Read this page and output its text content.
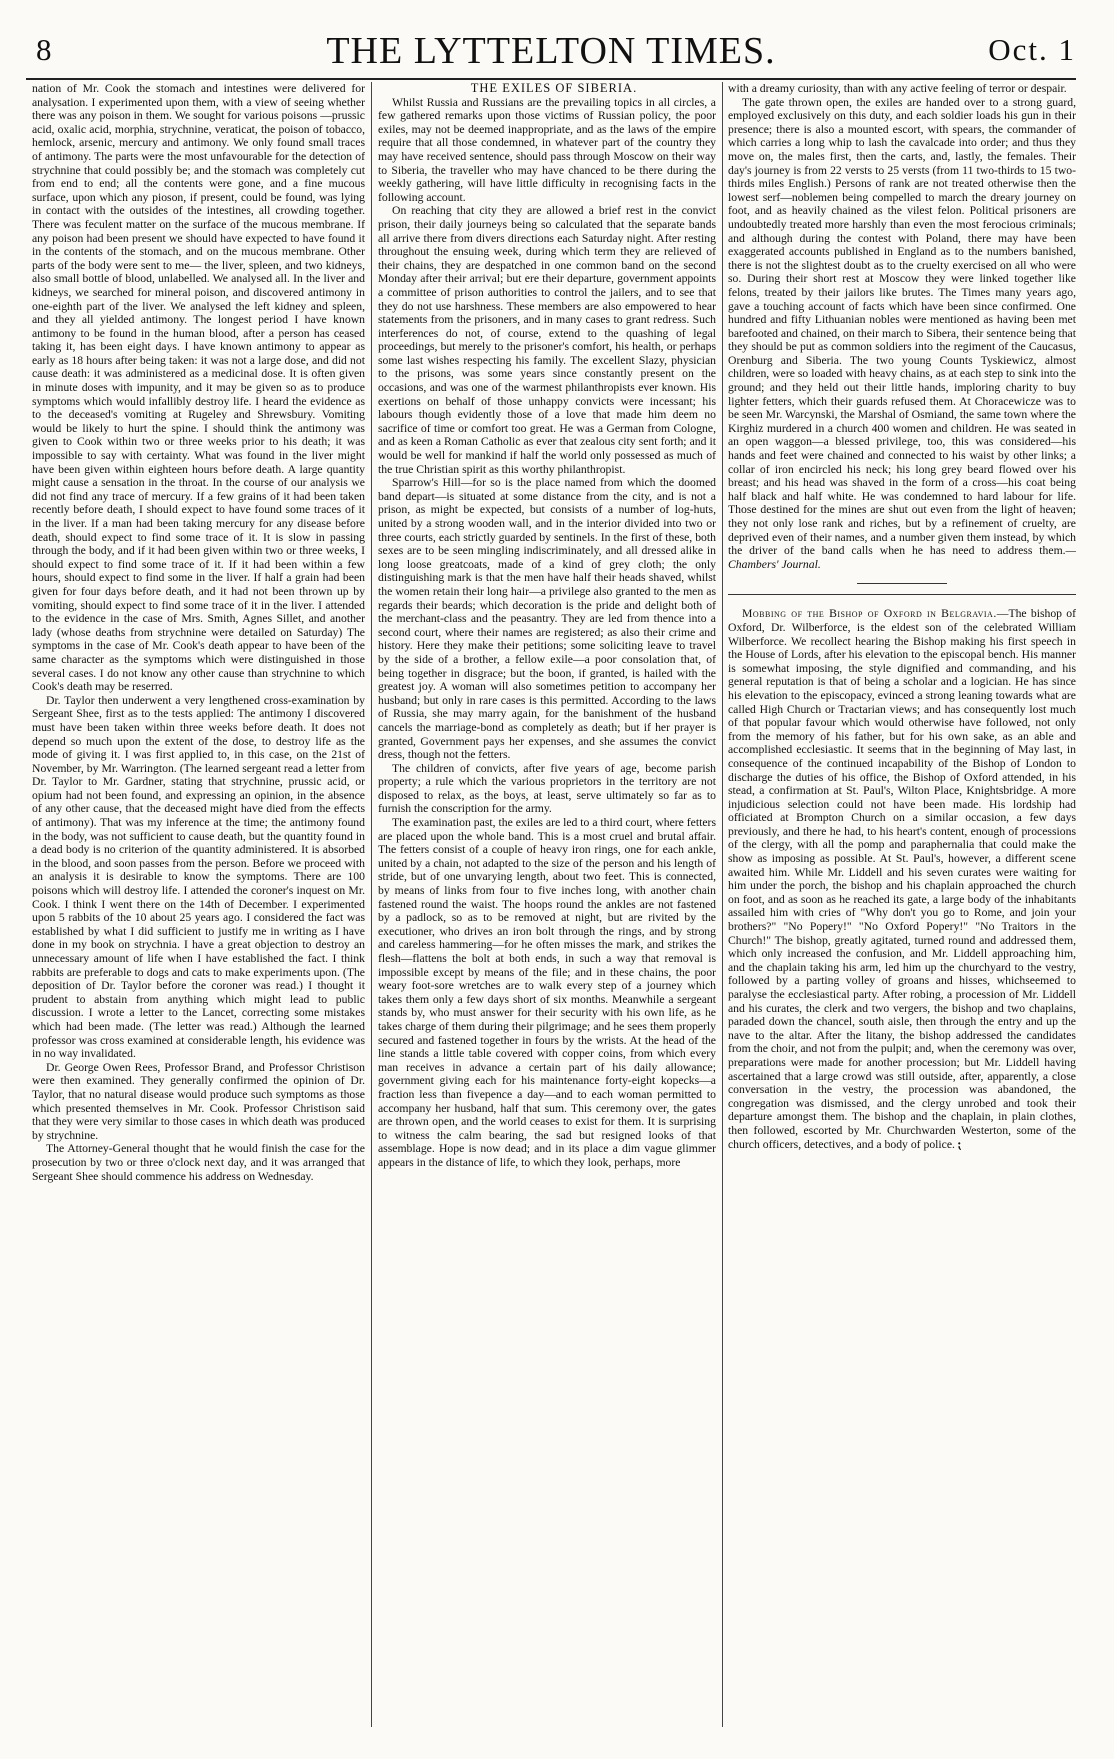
8	THE LYTTELTON TIMES.	Oct. 1

nation of Mr. Cook the stomach and intestines were delivered for analysation. I experimented upon them, with a view of seeing whether there was any poison in them. We sought for various poisons —prussic acid, oxalic acid, morphia, strychnine, veraticat, the poison of tobacco, hemlock, arsenic, mercury and antimony. We only found small traces of antimony. The parts were the most unfavourable for the detection of strychnine that could possibly be; and the stomach was completely cut from end to end; all the contents were gone, and a fine mucous surface, upon which any pioson, if present, could be found, was lying in contact with the outsides of the intestines, all crowding together. There was feculent matter on the surface of the mucous membrane. If any poison had been present we should have expected to have found it in the contents of the stomach, and on the mucous membrane. Other parts of the body were sent to me— the liver, spleen, and two kidneys, also small bottle of blood, unlabelled. We analysed all. In the liver and kidneys, we searched for mineral poison, and discovered antimony in one-eighth part of the liver. We analysed the left kidney and spleen, and they all yielded antimony. The longest period I have known antimony to be found in the human blood, after a person has ceased taking it, has been eight days. I have known antimony to appear as early as 18 hours after being taken: it was not a large dose, and did not cause death: it was administered as a medicinal dose. It is often given in minute doses with impunity, and it may be given so as to produce symptoms which would infallibly destroy life. I heard the evidence as to the deceased's vomiting at Rugeley and Shrewsbury. Vomiting would be likely to hurt the spine. I should think the antimony was given to Cook within two or three weeks prior to his death; it was impossible to say with certainty. What was found in the liver might have been given within eighteen hours before death. A large quantity might cause a sensation in the throat. In the course of our analysis we did not find any trace of mercury. If a few grains of it had been taken recently before death, I should expect to have found some traces of it in the liver. If a man had been taking mercury for any disease before death, should expect to find some trace of it. It is slow in passing through the body, and if it had been given within two or three weeks, I should expect to find some trace of it. If it had been within a few hours, should expect to find some in the liver. If half a grain had been given for four days before death, and it had not been thrown up by vomiting, should expect to find some trace of it in the liver. I attended to the evidence in the case of Mrs. Smith, Agnes Sillet, and another lady (whose deaths from strychnine were detailed on Saturday) The symptoms in the case of Mr. Cook's death appear to have been of the same character as the symptoms which were distinguished in those several cases. I do not know any other cause than strychnine to which Cook's death may be reserred.

Dr. Taylor then underwent a very lengthened cross-examination by Sergeant Shee, first as to the tests applied: The antimony I discovered must have been taken within three weeks before death. It does not depend so much upon the extent of the dose, to destroy life as the mode of giving it. I was first applied to, in this case, on the 21st of November, by Mr. Warrington. (The learned sergeant read a letter from Dr. Taylor to Mr. Gardner, stating that strychnine, prussic acid, or opium had not been found, and expressing an opinion, in the absence of any other cause, that the deceased might have died from the effects of antimony). That was my inference at the time; the antimony found in the body, was not sufficient to cause death, but the quantity found in a dead body is no criterion of the quantity administered. It is absorbed in the blood, and soon passes from the person. Before we proceed with an analysis it is desirable to know the symptoms. There are 100 poisons which will destroy life. I attended the coroner's inquest on Mr. Cook. I think I went there on the 14th of December. I experimented upon 5 rabbits of the 10 about 25 years ago. I considered the fact was established by what I did sufficient to justify me in writing as I have done in my book on strychnia. I have a great objection to destroy an unnecessary amount of life when I have established the fact. I think rabbits are preferable to dogs and cats to make experiments upon. (The deposition of Dr. Taylor before the coroner was read.) I thought it prudent to abstain from anything which might lead to public discussion. I wrote a letter to the Lancet, correcting some mistakes which had been made. (The letter was read.) Although the learned professor was cross examined at considerable length, his evidence was in no way invalidated.

Dr. George Owen Rees, Professor Brand, and Professor Christison were then examined. They generally confirmed the opinion of Dr. Taylor, that no natural disease would produce such symptoms as those which presented themselves in Mr. Cook. Professor Christison said that they were very similar to those cases in which death was produced by strychnine.

The Attorney-General thought that he would finish the case for the prosecution by two or three o'clock next day, and it was arranged that Sergeant Shee should commence his address on Wednesday.

THE EXILES OF SIBERIA.

Whilst Russia and Russians are the prevailing topics in all circles, a few gathered remarks upon those victims of Russian policy, the poor exiles, may not be deemed inappropriate, and as the laws of the empire require that all those condemned, in whatever part of the country they may have received sentence, should pass through Moscow on their way to Siberia, the traveller who may have chanced to be there during the weekly gathering, will have little difficulty in recognising facts in the following account.

On reaching that city they are allowed a brief rest in the convict prison, their daily journeys being so calculated that the separate bands all arrive there from divers directions each Saturday night. After resting throughout the ensuing week, during which term they are relieved of their chains, they are despatched in one common band on the second Monday after their arrival; but ere their departure, government appoints a committee of prison authorities to control the jailers, and to see that they do not use harshness. These members are also empowered to hear statements from the prisoners, and in many cases to grant redress. Such interferences do not, of course, extend to the quashing of legal proceedings, but merely to the prisoner's comfort, his health, or perhaps some last wishes respecting his family. The excellent Slazy, physician to the prisons, was some years since constantly present on the occasions, and was one of the warmest philanthropists ever known. His exertions on behalf of those unhappy convicts were incessant; his labours though evidently those of a love that made him deem no sacrifice of time or comfort too great. He was a German from Cologne, and as keen a Roman Catholic as ever that zealous city sent forth; and it would be well for mankind if half the world only possessed as much of the true Christian spirit as this worthy philanthropist.

Sparrow's Hill—for so is the place named from which the doomed band depart—is situated at some distance from the city, and is not a prison, as might be expected, but consists of a number of log-huts, united by a strong wooden wall, and in the interior divided into two or three courts, each strictly guarded by sentinels. In the first of these, both sexes are to be seen mingling indiscriminately, and all dressed alike in long loose greatcoats, made of a kind of grey cloth; the only distinguishing mark is that the men have half their heads shaved, whilst the women retain their long hair—a privilege also granted to the men as regards their beards; which decoration is the pride and delight both of the merchant-class and the peasantry. They are led from thence into a second court, where their names are registered; as also their crime and history. Here they make their petitions; some soliciting leave to travel by the side of a brother, a fellow exile—a poor consolation that, of being together in disgrace; but the boon, if granted, is hailed with the greatest joy. A woman will also sometimes petition to accompany her husband; but only in rare cases is this permitted. According to the laws of Russia, she may marry again, for the banishment of the husband cancels the marriage-bond as completely as death; but if her prayer is granted, Government pays her expenses, and she assumes the convict dress, though not the fetters.

The children of convicts, after five years of age, become parish property; a rule which the various proprietors in the territory are not disposed to relax, as the boys, at least, serve ultimately so far as to furnish the conscription for the army.

The examination past, the exiles are led to a third court, where fetters are placed upon the whole band. This is a most cruel and brutal affair. The fetters consist of a couple of heavy iron rings, one for each ankle, united by a chain, not adapted to the size of the person and his length of stride, but of one unvarying length, about two feet. This is connected, by means of links from four to five inches long, with another chain fastened round the waist. The hoops round the ankles are not fastened by a padlock, so as to be removed at night, but are rivited by the executioner, who drives an iron bolt through the rings, and by strong and careless hammering—for he often misses the mark, and strikes the flesh—flattens the bolt at both ends, in such a way that removal is impossible except by means of the file; and in these chains, the poor weary foot-sore wretches are to walk every step of a journey which takes them only a few days short of six months. Meanwhile a sergeant stands by, who must answer for their security with his own life, as he takes charge of them during their pilgrimage; and he sees them properly secured and fastened together in fours by the wrists. At the head of the line stands a little table covered with copper coins, from which every man receives in advance a certain part of his daily allowance; government giving each for his maintenance forty-eight kopecks—a fraction less than fivepence a day—and to each woman permitted to accompany her husband, half that sum. This ceremony over, the gates are thrown open, and the world ceases to exist for them. It is surprising to witness the calm bearing, the sad but resigned looks of that assemblage. Hope is now dead; and in its place a dim vague glimmer appears in the distance of life, to which they look, perhaps, more

with a dreamy curiosity, than with any active feeling of terror or despair.

The gate thrown open, the exiles are handed over to a strong guard, employed exclusively on this duty, and each soldier loads his gun in their presence; there is also a mounted escort, with spears, the commander of which carries a long whip to lash the cavalcade into order; and thus they move on, the males first, then the carts, and, lastly, the females. Their day's journey is from 22 versts to 25 versts (from 11 two-thirds to 15 two-thirds miles English.) Persons of rank are not treated otherwise then the lowest serf—noblemen being compelled to march the dreary journey on foot, and as heavily chained as the vilest felon. Political prisoners are undoubtedly treated more harshly than even the most ferocious criminals; and although during the contest with Poland, there may have been exaggerated accounts published in England as to the numbers banished, there is not the slightest doubt as to the cruelty exercised on all who were so. During their short rest at Moscow they were linked together like felons, treated by their jailors like brutes. The Times many years ago, gave a touching account of facts which have been since confirmed. One hundred and fifty Lithuanian nobles were mentioned as having been met barefooted and chained, on their march to Sibera, their sentence being that they should be put as common soldiers into the regiment of the Caucasus, Orenburg and Siberia. The two young Counts Tyskiewicz, almost children, were so loaded with heavy chains, as at each step to sink into the ground; and they held out their little hands, imploring charity to buy lighter fetters, which their guards refused them. At Choracewicze was to be seen Mr. Warcynski, the Marshal of Osmiand, the same town where the Kirghiz murdered in a church 400 women and children. He was seated in an open waggon—a blessed privilege, too, this was considered—his hands and feet were chained and connected to his waist by other links; a collar of iron encircled his neck; his long grey beard flowed over his breast; and his head was shaved in the form of a cross—his coat being half black and half white. He was condemned to hard labour for life. Those destined for the mines are shut out even from the light of heaven; they not only lose rank and riches, but by a refinement of cruelty, are deprived even of their names, and a number given them instead, by which the driver of the band calls when he has need to address them.—Chambers' Journal.

Mobbing of the Bishop of Oxford in Belgravia.—The bishop of Oxford, Dr. Wilberforce, is the eldest son of the celebrated William Wilberforce. We recollect hearing the Bishop making his first speech in the House of Lords, after his elevation to the episcopal bench. His manner is somewhat imposing, the style dignified and commanding, and his general reputation is that of being a scholar and a logician. He has since his elevation to the episcopacy, evinced a strong leaning towards what are called High Church or Tractarian views; and has consequently lost much of that popular favour which would otherwise have followed, not only from the memory of his father, but for his own sake, as an able and accomplished ecclesiastic. It seems that in the beginning of May last, in consequence of the continued incapability of the Bishop of London to discharge the duties of his office, the Bishop of Oxford attended, in his stead, a confirmation at St. Paul's, Wilton Place, Knightsbridge. A more injudicious selection could not have been made. His lordship had officiated at Brompton Church on a similar occasion, a few days previously, and there he had, to his heart's content, enough of processions of the clergy, with all the pomp and paraphernalia that could make the show as imposing as possible. At St. Paul's, however, a different scene awaited him. While Mr. Liddell and his seven curates were waiting for him under the porch, the bishop and his chaplain approached the church on foot, and as soon as he reached its gate, a large body of the inhabitants assailed him with cries of "Why don't you go to Rome, and join your brothers?" "No Popery!" "No Oxford Popery!" "No Traitors in the Church!" The bishop, greatly agitated, turned round and addressed them, which only increased the confusion, and Mr. Liddell approaching him, and the chaplain taking his arm, led him up the churchyard to the vestry, followed by a parting volley of groans and hisses, whichseemed to paralyse the ecclesiastical party. After robing, a procession of Mr. Liddell and his curates, the clerk and two vergers, the bishop and two chaplains, paraded down the chancel, south aisle, then through the entry and up the nave to the altar. After the litany, the bishop addressed the candidates from the choir, and not from the pulpit; and, when the ceremony was over, preparations were made for another procession; but Mr. Liddell having ascertained that a large crowd was still outside, after, apparently, a close conversation in the vestry, the procession was abandoned, the congregation was dismissed, and the clergy unrobed and took their departure amongst them. The bishop and the chaplain, in plain clothes, then followed, escorted by Mr. Churchwarden Westerton, some of the church officers, detectives, and a body of police. ⁏
